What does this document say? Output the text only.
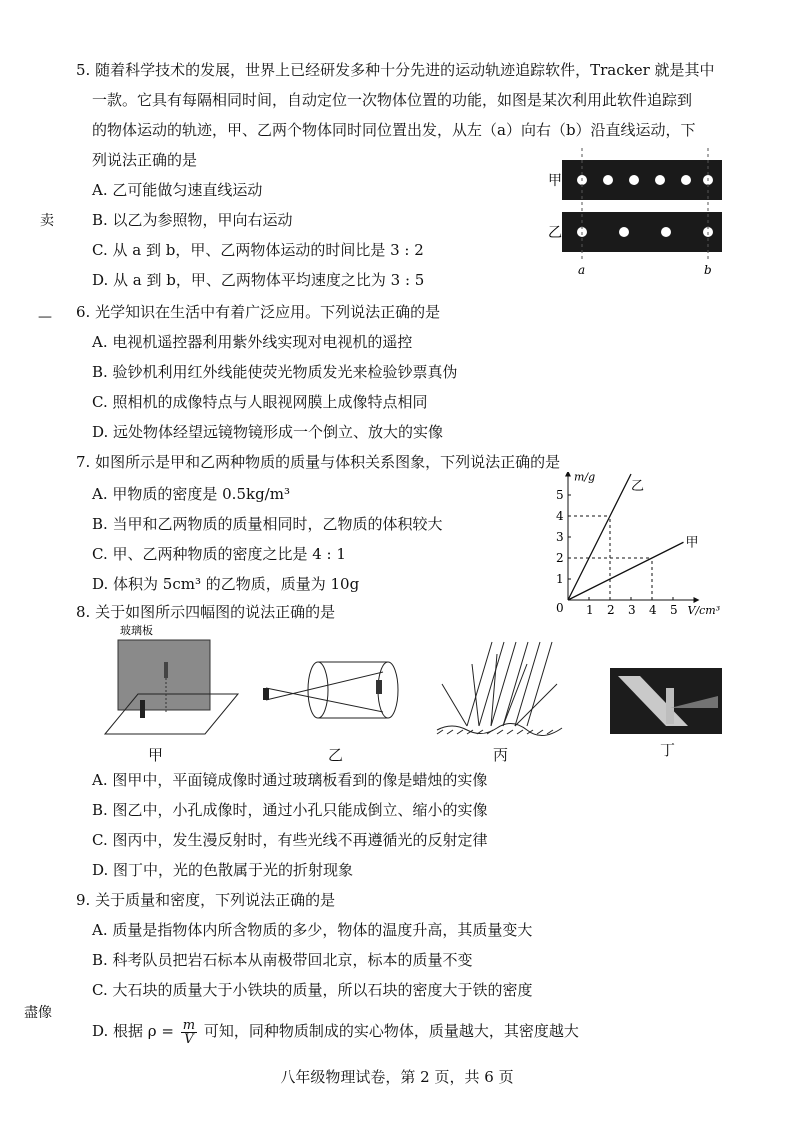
卖
—
盡像
5. 随着科学技术的发展，世界上已经研发多种十分先进的运动轨迹追踪软件，Tracker 就是其中
一款。它具有每隔相同时间，自动定位一次物体位置的功能，如图是某次利用此软件追踪到
的物体运动的轨迹，甲、乙两个物体同时同位置出发，从左（a）向右（b）沿直线运动，下
列说法正确的是
A. 乙可能做匀速直线运动
B. 以乙为参照物，甲向右运动
C. 从 a 到 b，甲、乙两物体运动的时间比是 3 : 2
D. 从 a 到 b，甲、乙两物体平均速度之比为 3 : 5
甲
乙
a	b
6. 光学知识在生活中有着广泛应用。下列说法正确的是
A. 电视机遥控器利用紫外线实现对电视机的遥控
B. 验钞机利用红外线能使荧光物质发光来检验钞票真伪
C. 照相机的成像特点与人眼视网膜上成像特点相同
D. 远处物体经望远镜物镜形成一个倒立、放大的实像
7. 如图所示是甲和乙两种物质的质量与体积关系图象，下列说法正确的是
A. 甲物质的密度是 0.5kg/m³
B. 当甲和乙两物质的质量相同时，乙物质的体积较大
C. 甲、乙两种物质的密度之比是 4 : 1
D. 体积为 5cm³ 的乙物质，质量为 10g
m/g
V/cm³
0 1 2 3 4 5
1
2
3
4
5
乙
甲
8. 关于如图所示四幅图的说法正确的是
玻璃板
甲	乙	丙	丁
A. 图甲中，平面镜成像时通过玻璃板看到的像是蜡烛的实像
B. 图乙中，小孔成像时，通过小孔只能成倒立、缩小的实像
C. 图丙中，发生漫反射时，有些光线不再遵循光的反射定律
D. 图丁中，光的色散属于光的折射现象
9. 关于质量和密度，下列说法正确的是
A. 质量是指物体内所含物质的多少，物体的温度升高，其质量变大
B. 科考队员把岩石标本从南极带回北京，标本的质量不变
C. 大石块的质量大于小铁块的质量，所以石块的密度大于铁的密度
D. 根据 $\rho = \frac{m}{V}$ 可知，同种物质制成的实心物体，质量越大，其密度越大
八年级物理试卷，第 2 页，共 6 页
